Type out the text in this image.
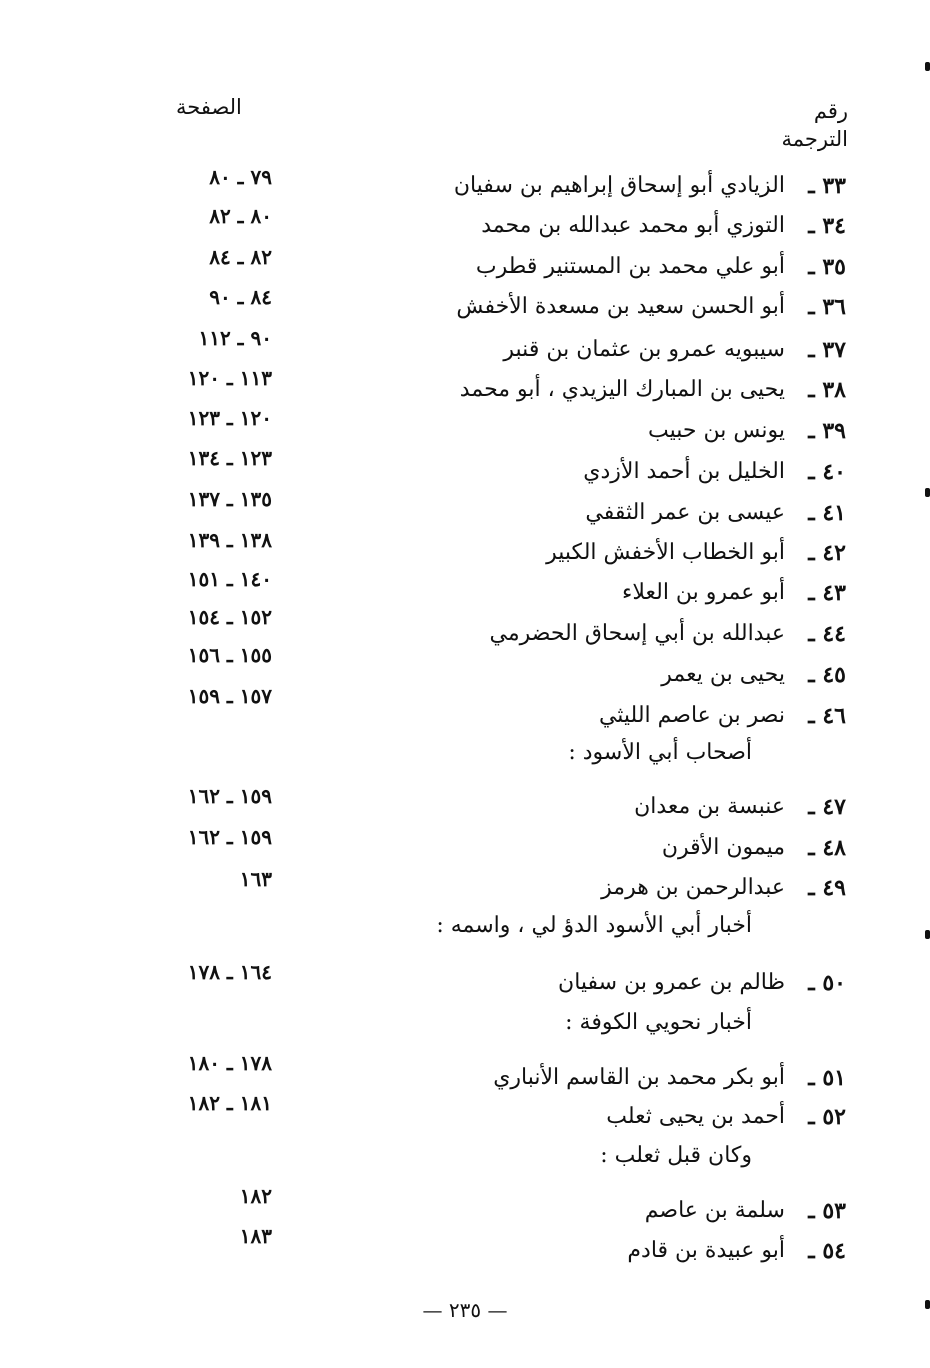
رقم
الترجمة
الصفحة
٣٣ ـ
الزيادي أبو إسحاق إبراهيم بن سفيان
٧٩ ـ ٨٠
٣٤ ـ
التوزي أبو محمد عبدالله بن محمد
٨٠ ـ ٨٢
٣٥ ـ
أبو علي محمد بن المستنير قطرب
٨٢ ـ ٨٤
٣٦ ـ
أبو الحسن سعيد بن مسعدة الأخفش
٨٤ ـ ٩٠
٣٧ ـ
سيبويه عمرو بن عثمان بن قنبر
٩٠ ـ ١١٢
٣٨ ـ
يحيى بن المبارك اليزيدي ، أبو محمد
١١٣ ـ ١٢٠
٣٩ ـ
يونس بن حبيب
١٢٠ ـ ١٢٣
٤٠ ـ
الخليل بن أحمد الأزدي
١٢٣ ـ ١٣٤
٤١ ـ
عيسى بن عمر الثقفي
١٣٥ ـ ١٣٧
٤٢ ـ
أبو الخطاب الأخفش الكبير
١٣٨ ـ ١٣٩
٤٣ ـ
أبو عمرو بن العلاء
١٤٠ ـ ١٥١
٤٤ ـ
عبدالله بن أبي إسحاق الحضرمي
١٥٢ ـ ١٥٤
٤٥ ـ
يحيى بن يعمر
١٥٥ ـ ١٥٦
٤٦ ـ
نصر بن عاصم الليثي
١٥٧ ـ ١٥٩
أصحاب أبي الأسود :
٤٧ ـ
عنبسة بن معدان
١٥٩ ـ ١٦٢
٤٨ ـ
ميمون الأقرن
١٥٩ ـ ١٦٢
٤٩ ـ
عبدالرحمن بن هرمز
١٦٣
أخبار أبي الأسود الدؤ لي ، واسمه :
٥٠ ـ
ظالم بن عمرو بن سفيان
١٦٤ ـ ١٧٨
أخبار نحويي الكوفة :
٥١ ـ
أبو بكر محمد بن القاسم الأنباري
١٧٨ ـ ١٨٠
٥٢ ـ
أحمد بن يحيى ثعلب
١٨١ ـ ١٨٢
وكان قبل ثعلب :
٥٣ ـ
سلمة بن عاصم
١٨٢
٥٤ ـ
أبو عبيدة بن قادم
١٨٣
— ٢٣٥ —
